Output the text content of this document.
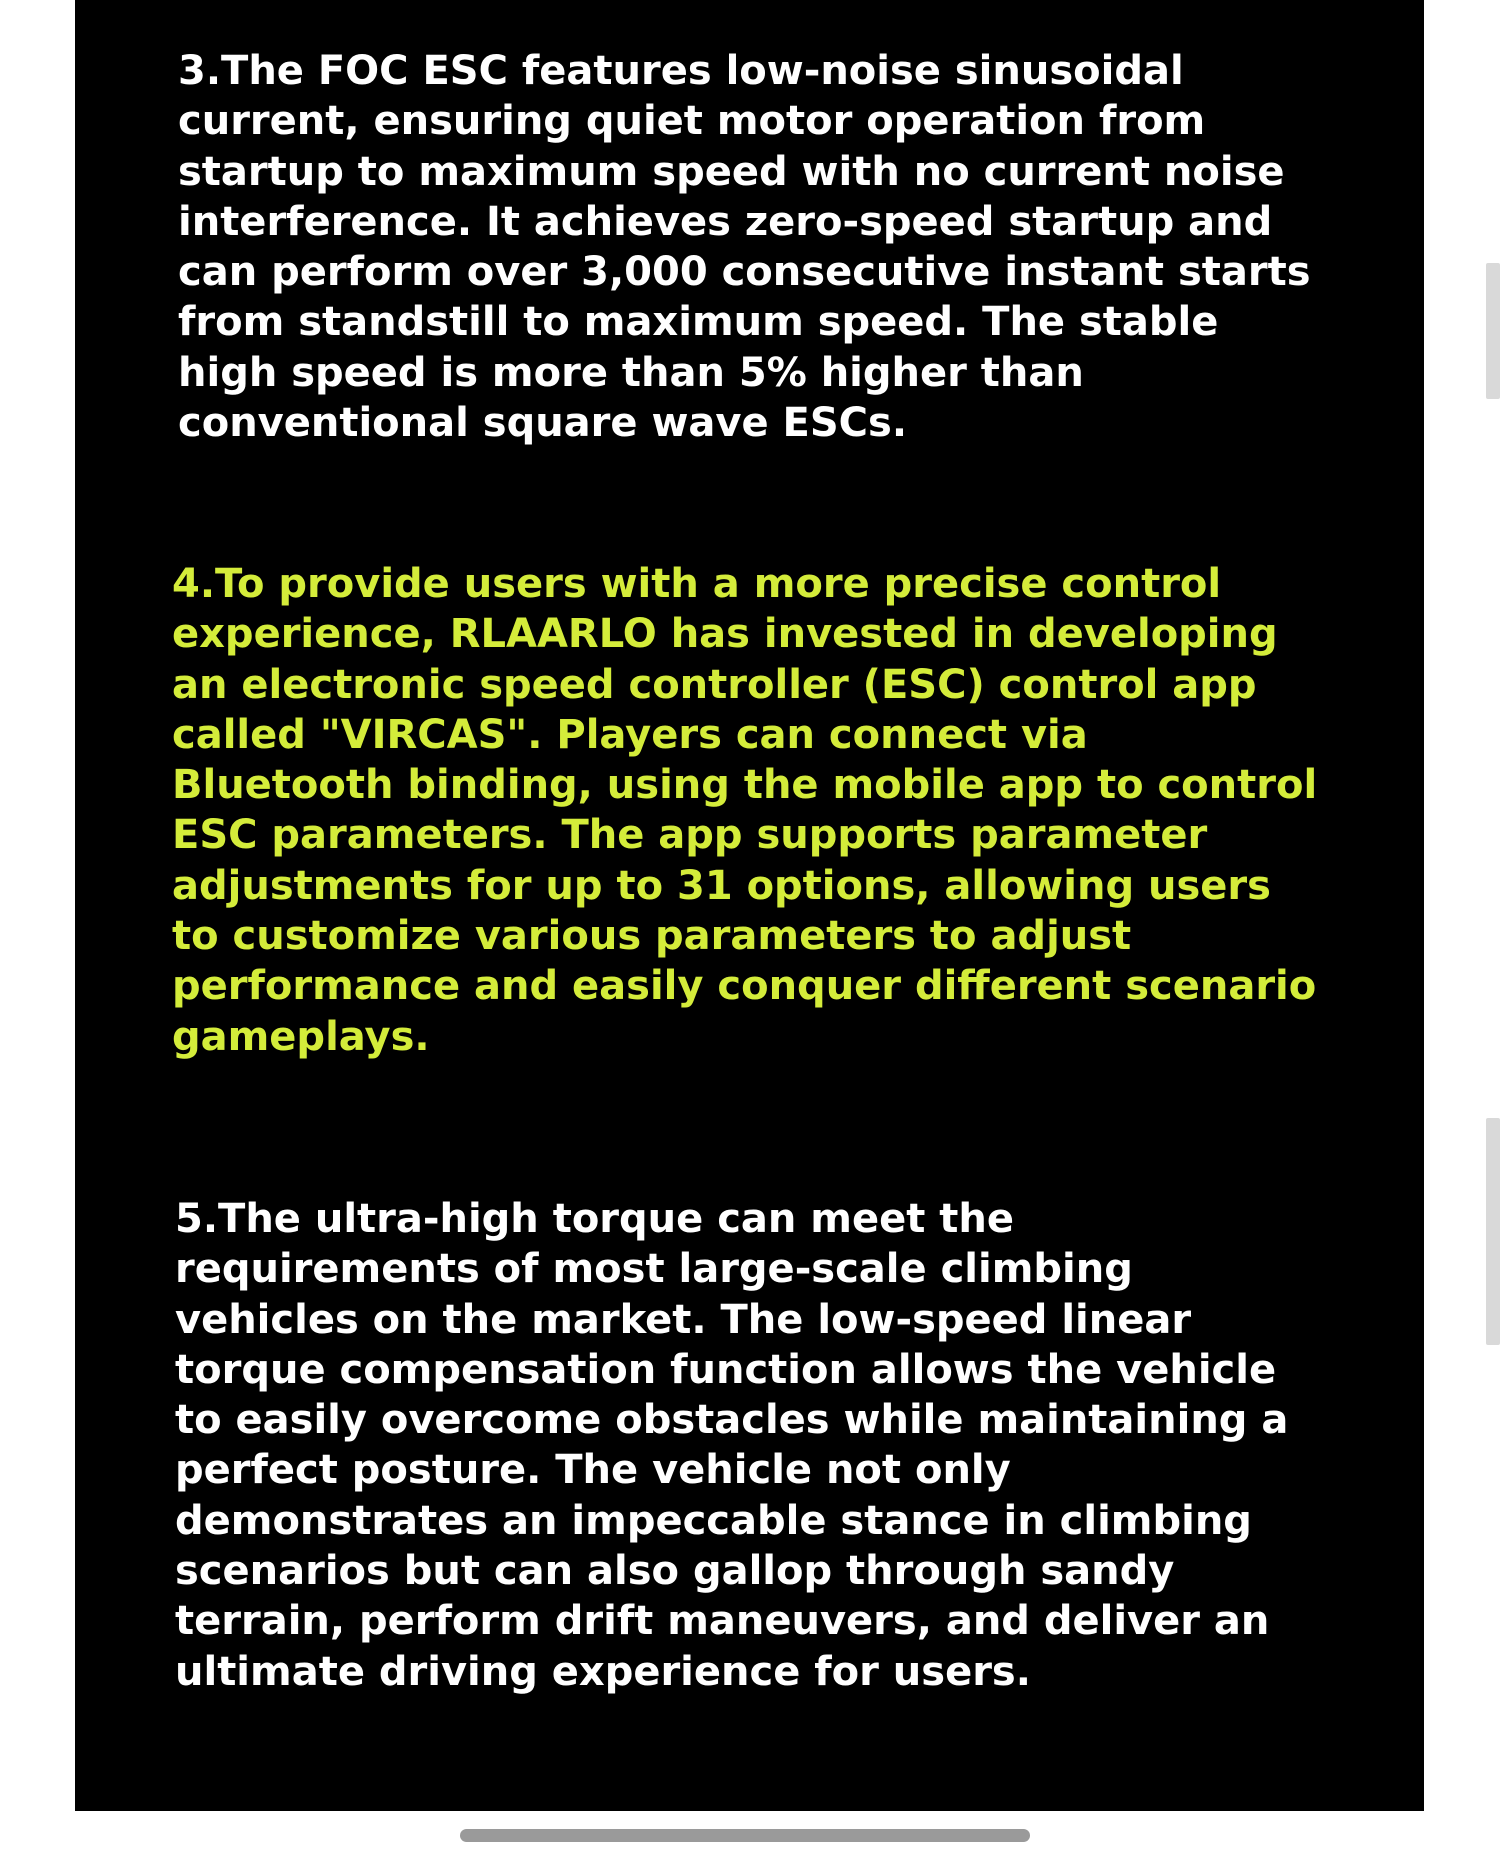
3.The FOC ESC features low-noise sinusoidal current, ensuring quiet motor operation from startup to maximum speed with no current noise interference. It achieves zero-speed startup and can perform over 3,000 consecutive instant starts from standstill to maximum speed. The stable high speed is more than 5% higher than conventional square wave ESCs.

4.To provide users with a more precise control experience, RLAARLO has invested in developing an electronic speed controller (ESC) control app called "VIRCAS". Players can connect via Bluetooth binding, using the mobile app to control ESC parameters. The app supports parameter adjustments for up to 31 options, allowing users to customize various parameters to adjust performance and easily conquer different scenario gameplays.

5.The ultra-high torque can meet the requirements of most large-scale climbing vehicles on the market. The low-speed linear torque compensation function allows the vehicle to easily overcome obstacles while maintaining a perfect posture. The vehicle not only demonstrates an impeccable stance in climbing scenarios but can also gallop through sandy terrain, perform drift maneuvers, and deliver an ultimate driving experience for users.
